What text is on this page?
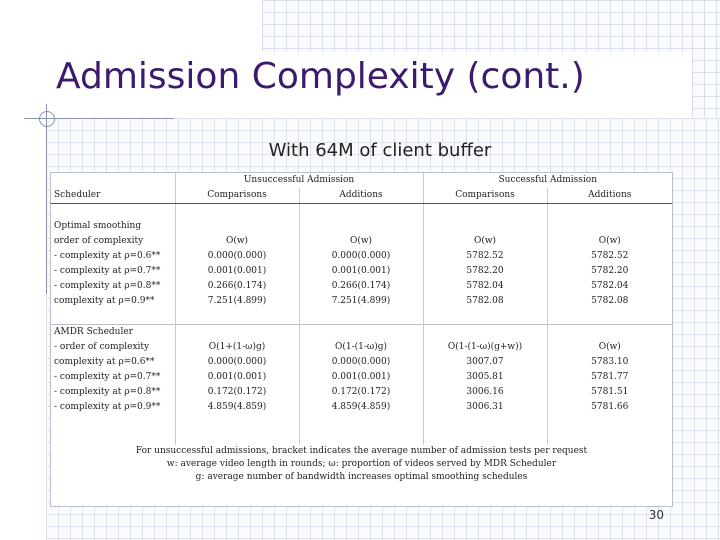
Admission Complexity (cont.)
With 64M of client buffer
	Unsuccessful Admission		Successful Admission	
Scheduler	Comparisons	Additions	Comparisons	Additions

Optimal smoothing				
order of complexity	O(w)	O(w)	O(w)	O(w)
- complexity at ρ=0.6**	0.000(0.000)	0.000(0.000)	5782.52	5782.52
- complexity at ρ=0.7**	0.001(0.001)	0.001(0.001)	5782.20	5782.20
- complexity at ρ=0.8**	0.266(0.174)	0.266(0.174)	5782.04	5782.04
complexity at ρ=0.9**	7.251(4.899)	7.251(4.899)	5782.08	5782.08

AMDR Scheduler				
- order of complexity	O(1+(1-ω)g)	O(1-(1-ω)g)	O(1-(1-ω)(g+w))	O(w)
complexity at ρ=0.6**	0.000(0.000)	0.000(0.000)	3007.07	5783.10
- complexity at ρ=0.7**	0.001(0.001)	0.001(0.001)	3005.81	5781.77
- complexity at ρ=0.8**	0.172(0.172)	0.172(0.172)	3006.16	5781.51
- complexity at ρ=0.9**	4.859(4.859)	4.859(4.859)	3006.31	5781.66

For unsuccessful admissions, bracket indicates the average number of admission tests per request				
w: average video length in rounds; ω: proportion of videos served by MDR Scheduler				
g: average number of bandwidth increases optimal smoothing schedules				
30
